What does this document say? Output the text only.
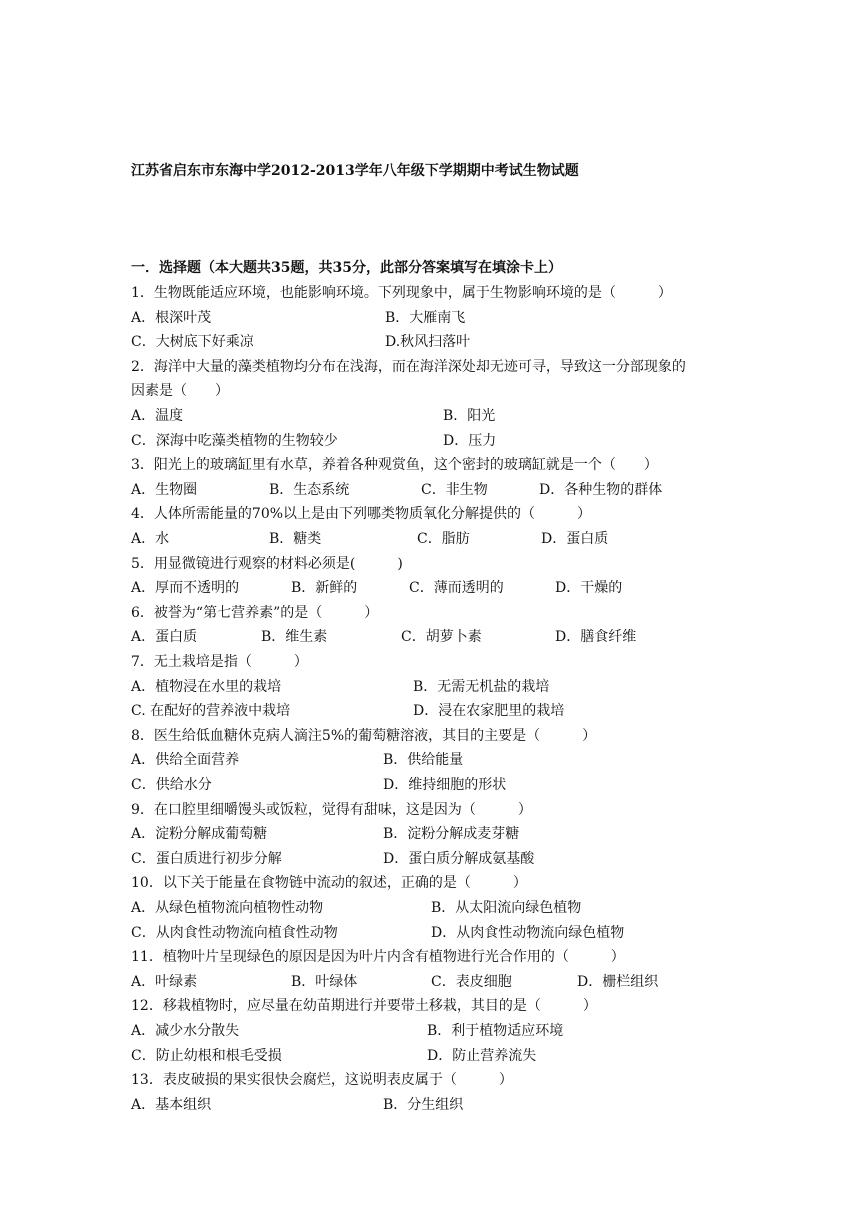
江苏省启东市东海中学2012-2013学年八年级下学期期中考试生物试题
一．选择题（本大题共35题，共35分，此部分答案填写在填涂卡上）
1．生物既能适应环境，也能影响环境。下列现象中，属于生物影响环境的是（　　　）
A．根深叶茂	B．大雁南飞
C．大树底下好乘凉	D.秋风扫落叶
2．海洋中大量的藻类植物均分布在浅海，而在海洋深处却无迹可寻，导致这一分部现象的
因素是（　　）
A．温度	B．阳光
C．深海中吃藻类植物的生物较少	D．压力
3．阳光上的玻璃缸里有水草，养着各种观赏鱼，这个密封的玻璃缸就是一个（　　）
A．生物圈	B．生态系统	C．非生物	D．各种生物的群体
4．人体所需能量的70%以上是由下列哪类物质氧化分解提供的（　　　）
A．水	B．糖类	C．脂肪	D．蛋白质
5．用显微镜进行观察的材料必须是(　　　)
A．厚而不透明的	B．新鲜的	C．薄而透明的	D．干燥的
6．被誉为“第七营养素”的是（　　　）
A．蛋白质	B．维生素	C．胡萝卜素	D．膳食纤维
7．无土栽培是指（　　　）
A．植物浸在水里的栽培	B．无需无机盐的栽培
C. 在配好的营养液中栽培	D．浸在农家肥里的栽培
8．医生给低血糖休克病人滴注5%的葡萄糖溶液，其目的主要是（　　　）
A．供给全面营养	B．供给能量
C．供给水分	D．维持细胞的形状
9．在口腔里细嚼馒头或饭粒，觉得有甜味，这是因为（　　　）
A．淀粉分解成葡萄糖	B．淀粉分解成麦芽糖
C．蛋白质进行初步分解	D．蛋白质分解成氨基酸
10．以下关于能量在食物链中流动的叙述，正确的是（　　　）
A．从绿色植物流向植物性动物	B．从太阳流向绿色植物
C．从肉食性动物流向植食性动物	D．从肉食性动物流向绿色植物
11．植物叶片呈现绿色的原因是因为叶片内含有植物进行光合作用的（　　　）
A．叶绿素	B．叶绿体	C．表皮细胞	D．栅栏组织
12．移栽植物时，应尽量在幼苗期进行并要带土移栽，其目的是（　　　）
A．减少水分散失	B．利于植物适应环境
C．防止幼根和根毛受损	D．防止营养流失
13．表皮破损的果实很快会腐烂，这说明表皮属于（　　　）
A．基本组织	B．分生组织
